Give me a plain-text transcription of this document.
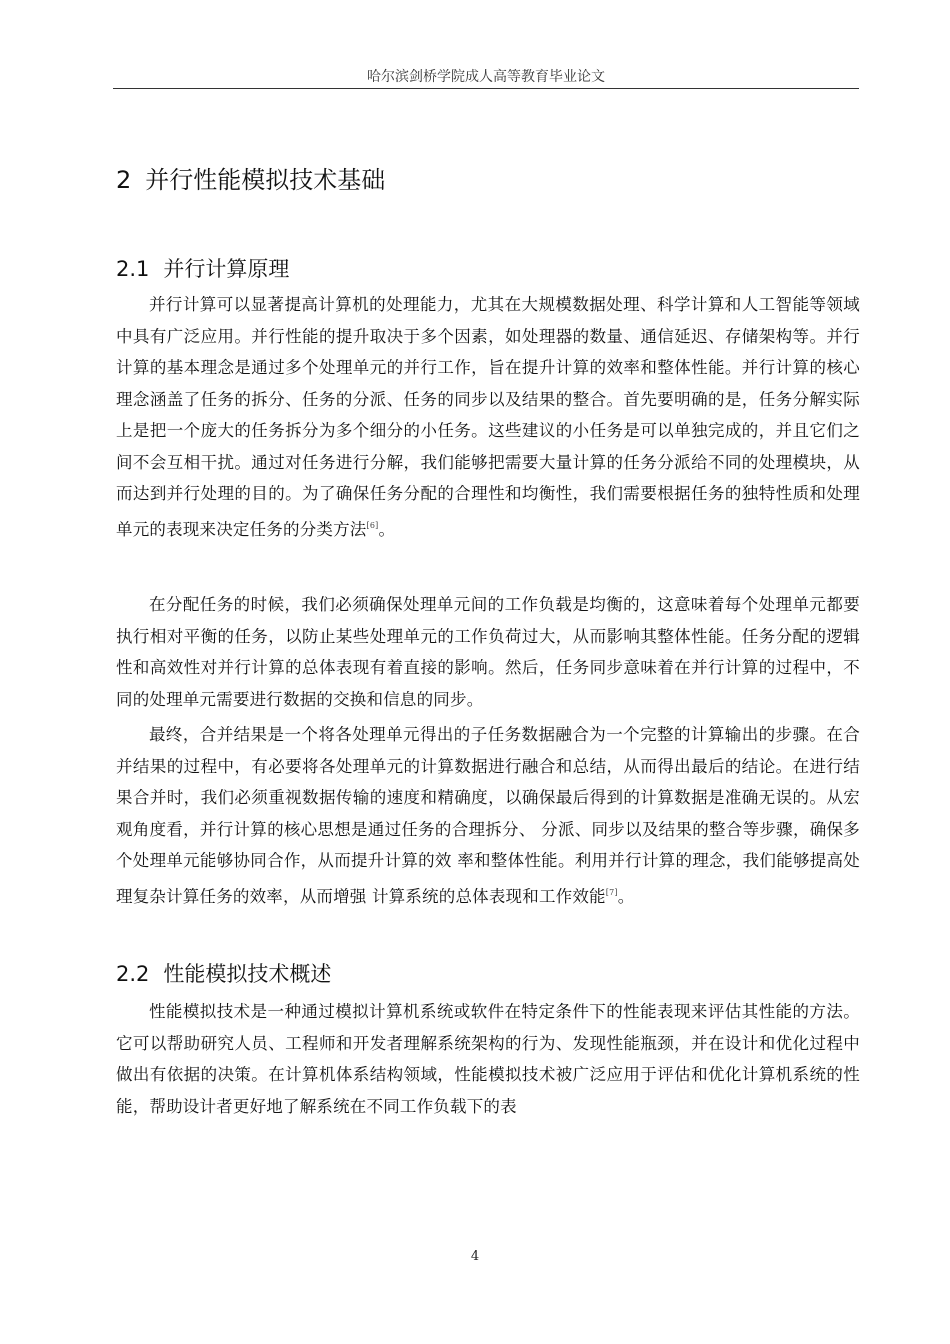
哈尔滨剑桥学院成人高等教育毕业论文
2 并行性能模拟技术基础
2.1 并行计算原理

并行计算可以显著提高计算机的处理能力，尤其在大规模数据处理、科学计算和人工智能等领域中具有广泛应用。并行性能的提升取决于多个因素，如处理器的数量、通信延迟、存储架构等。并行计算的基本理念是通过多个处理单元的并行工作，旨在提升计算的效率和整体性能。并行计算的核心理念涵盖了任务的拆分、任务的分派、任务的同步以及结果的整合。首先要明确的是，任务分解实际上是把一个庞大的任务拆分为多个细分的小任务。这些建议的小任务是可以单独完成的，并且它们之间不会互相干扰。通过对任务进行分解，我们能够把需要大量计算的任务分派给不同的处理模块，从而达到并行处理的目的。为了确保任务分配的合理性和均衡性，我们需要根据任务的独特性质和处理单元的表现来决定任务的分类方法[6]。

在分配任务的时候，我们必须确保处理单元间的工作负载是均衡的，这意味着每个处理单元都要执行相对平衡的任务，以防止某些处理单元的工作负荷过大，从而影响其整体性能。任务分配的逻辑性和高效性对并行计算的总体表现有着直接的影响。然后，任务同步意味着在并行计算的过程中，不同的处理单元需要进行数据的交换和信息的同步。

最终，合并结果是一个将各处理单元得出的子任务数据融合为一个完整的计算输出的步骤。在合并结果的过程中，有必要将各处理单元的计算数据进行融合和总结，从而得出最后的结论。在进行结果合并时，我们必须重视数据传输的速度和精确度，以确保最后得到的计算数据是准确无误的。从宏观角度看，并行计算的核心思想是通过任务的合理拆分、 分派、同步以及结果的整合等步骤，确保多个处理单元能够协同合作，从而提升计算的效 率和整体性能。利用并行计算的理念，我们能够提高处理复杂计算任务的效率，从而增强 计算系统的总体表现和工作效能[7]。

2.2 性能模拟技术概述

性能模拟技术是一种通过模拟计算机系统或软件在特定条件下的性能表现来评估其性能的方法。它可以帮助研究人员、工程师和开发者理解系统架构的行为、发现性能瓶颈，并在设计和优化过程中做出有依据的决策。在计算机体系结构领域，性能模拟技术被广泛应用于评估和优化计算机系统的性能，帮助设计者更好地了解系统在不同工作负载下的表

4
